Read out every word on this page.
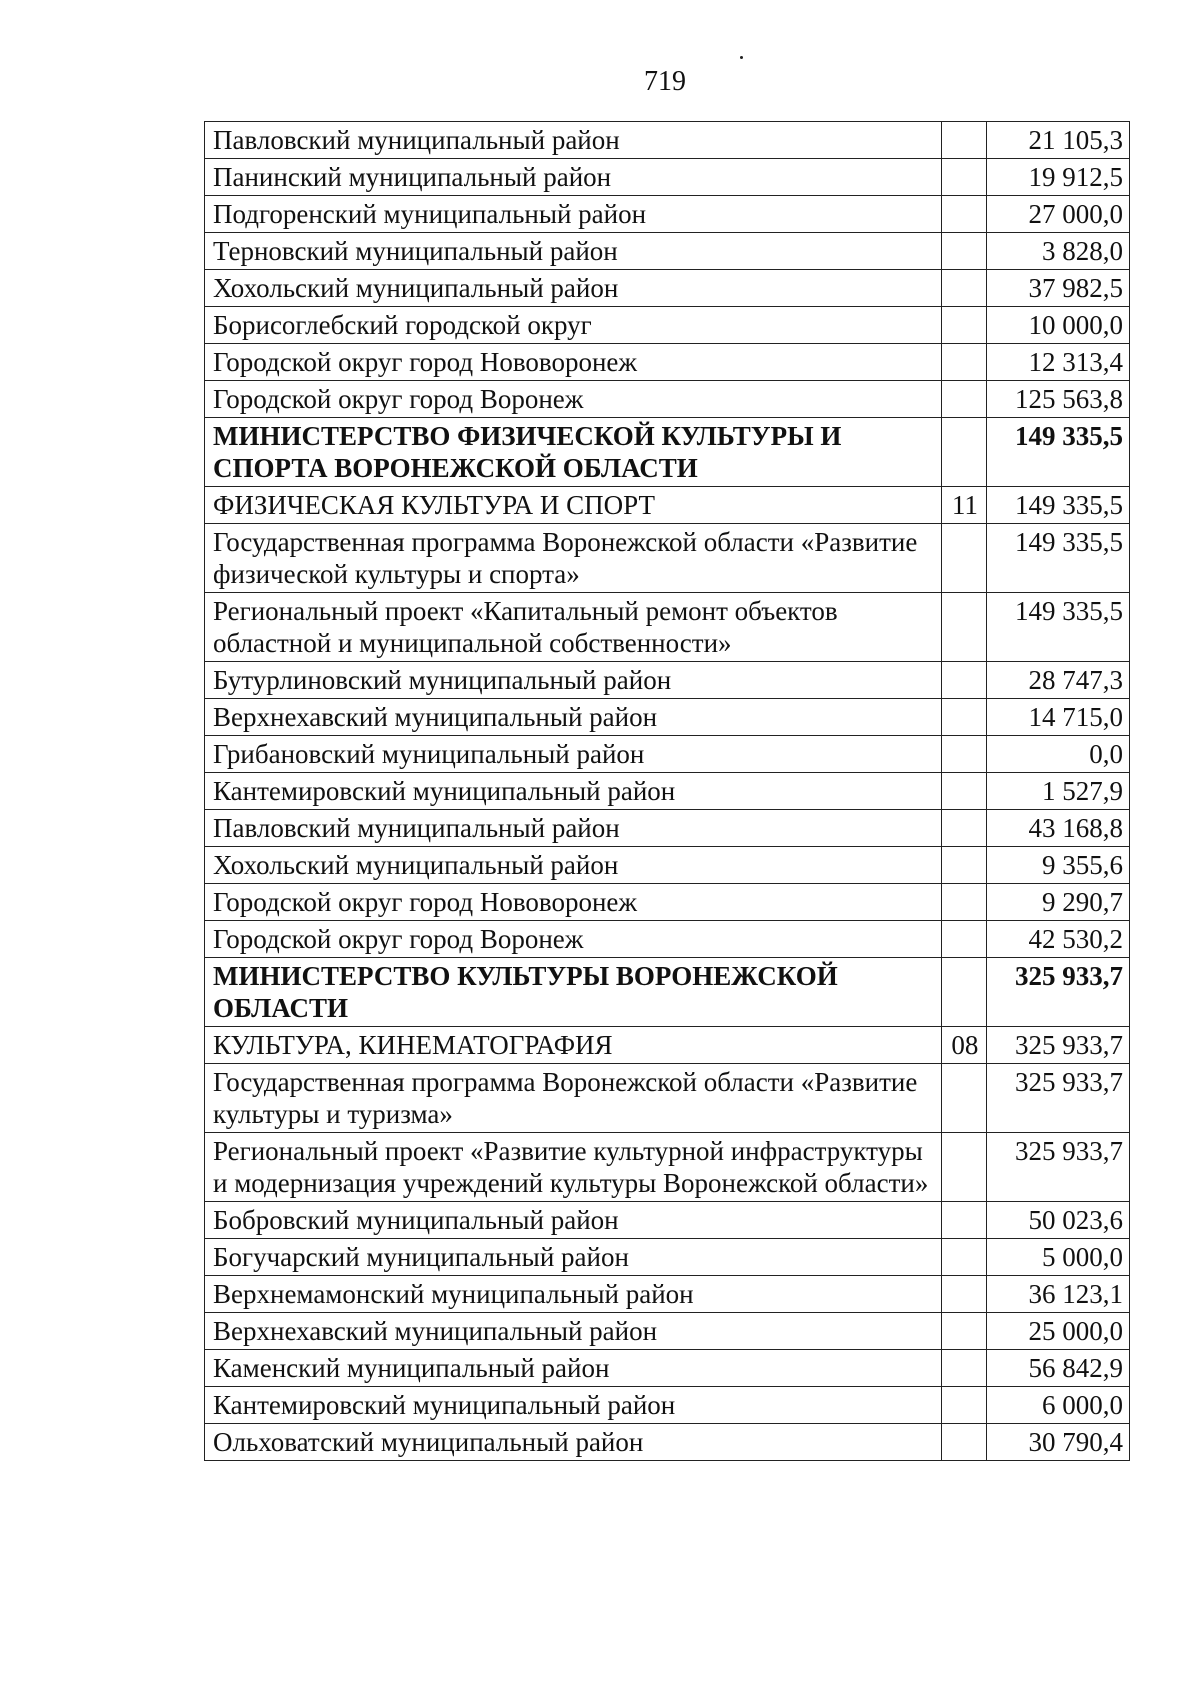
719
Павловский муниципальный район		21 105,3
Панинский муниципальный район		19 912,5
Подгоренский муниципальный район		27 000,0
Терновский муниципальный район		3 828,0
Хохольский муниципальный район		37 982,5
Борисоглебский городской округ		10 000,0
Городской округ город Нововоронеж		12 313,4
Городской округ город Воронеж		125 563,8
МИНИСТЕРСТВО ФИЗИЧЕСКОЙ КУЛЬТУРЫ И СПОРТА ВОРОНЕЖСКОЙ ОБЛАСТИ		149 335,5
ФИЗИЧЕСКАЯ КУЛЬТУРА И СПОРТ	11	149 335,5
Государственная программа Воронежской области «Развитие физической культуры и спорта»		149 335,5
Региональный проект «Капитальный ремонт объектов областной и муниципальной собственности»		149 335,5
Бутурлиновский муниципальный район		28 747,3
Верхнехавский муниципальный район		14 715,0
Грибановский муниципальный район		0,0
Кантемировский муниципальный район		1 527,9
Павловский муниципальный район		43 168,8
Хохольский муниципальный район		9 355,6
Городской округ город Нововоронеж		9 290,7
Городской округ город Воронеж		42 530,2
МИНИСТЕРСТВО КУЛЬТУРЫ ВОРОНЕЖСКОЙ ОБЛАСТИ		325 933,7
КУЛЬТУРА, КИНЕМАТОГРАФИЯ	08	325 933,7
Государственная программа Воронежской области «Развитие культуры и туризма»		325 933,7
Региональный проект «Развитие культурной инфраструктуры и модернизация учреждений культуры Воронежской области»		325 933,7
Бобровский муниципальный район		50 023,6
Богучарский муниципальный район		5 000,0
Верхнемамонский муниципальный район		36 123,1
Верхнехавский муниципальный район		25 000,0
Каменский муниципальный район		56 842,9
Кантемировский муниципальный район		6 000,0
Ольховатский муниципальный район		30 790,4
